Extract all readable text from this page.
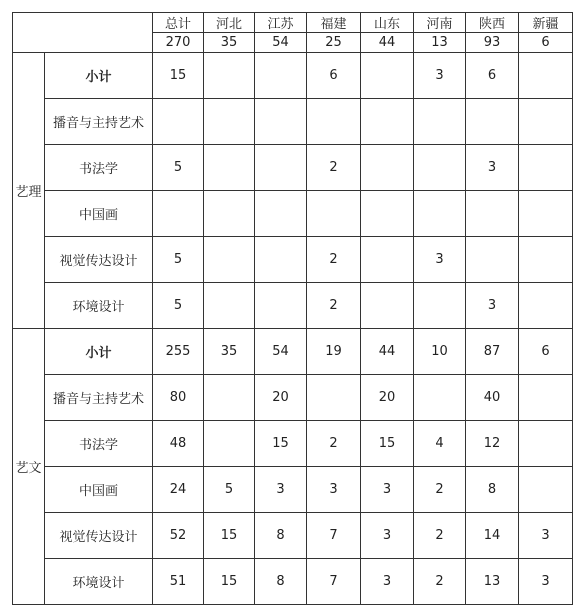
		总计	河北	江苏	福建	山东	河南	陕西	新疆
		270	35	54	25	44	13	93	6
艺理	小计	15			6		3	6	
	播音与主持艺术								
	书法学	5			2			3	
	中国画								
	视觉传达设计	5			2		3		
	环境设计	5			2			3	
艺文	小计	255	35	54	19	44	10	87	6
	播音与主持艺术	80		20		20		40	
	书法学	48		15	2	15	4	12	
	中国画	24	5	3	3	3	2	8	
	视觉传达设计	52	15	8	7	3	2	14	3
	环境设计	51	15	8	7	3	2	13	3
